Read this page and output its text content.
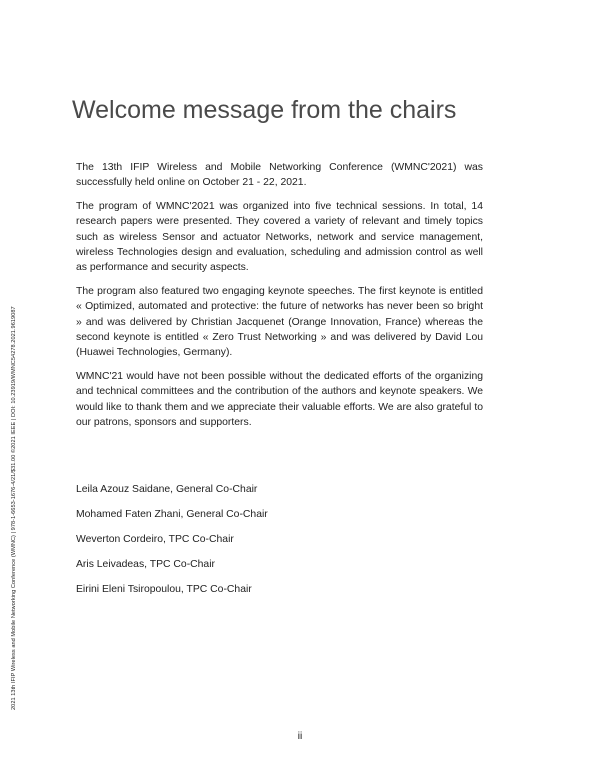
2021 13th IFIP Wireless and Mobile Networking Conference (WMNC) | 978-1-6653-1676-4/21/$31.00 ©2021 IEEE | DOI: 10.23919/WMNC54278.2021.9619087
Welcome message from the chairs

The 13th IFIP Wireless and Mobile Networking Conference (WMNC'2021) was successfully held online on October 21 - 22, 2021.

The program of WMNC'2021 was organized into five technical sessions. In total, 14 research papers were presented. They covered a variety of relevant and timely topics such as wireless Sensor and actuator Networks, network and service management, wireless Technologies design and evaluation, scheduling and admission control as well as performance and security aspects.

The program also featured two engaging keynote speeches. The first keynote is entitled « Optimized, automated and protective: the future of networks has never been so bright » and was delivered by Christian Jacquenet (Orange Innovation, France) whereas the second keynote is entitled « Zero Trust Networking » and was delivered by David Lou (Huawei Technologies, Germany).

WMNC'21 would have not been possible without the dedicated efforts of the organizing and technical committees and the contribution of the authors and keynote speakers. We would like to thank them and we appreciate their valuable efforts. We are also grateful to our patrons, sponsors and supporters.

Leila Azouz Saidane, General Co-Chair
Mohamed Faten Zhani, General Co-Chair
Weverton Cordeiro, TPC Co-Chair
Aris Leivadeas, TPC Co-Chair
Eirini Eleni Tsiropoulou, TPC Co-Chair
ii
